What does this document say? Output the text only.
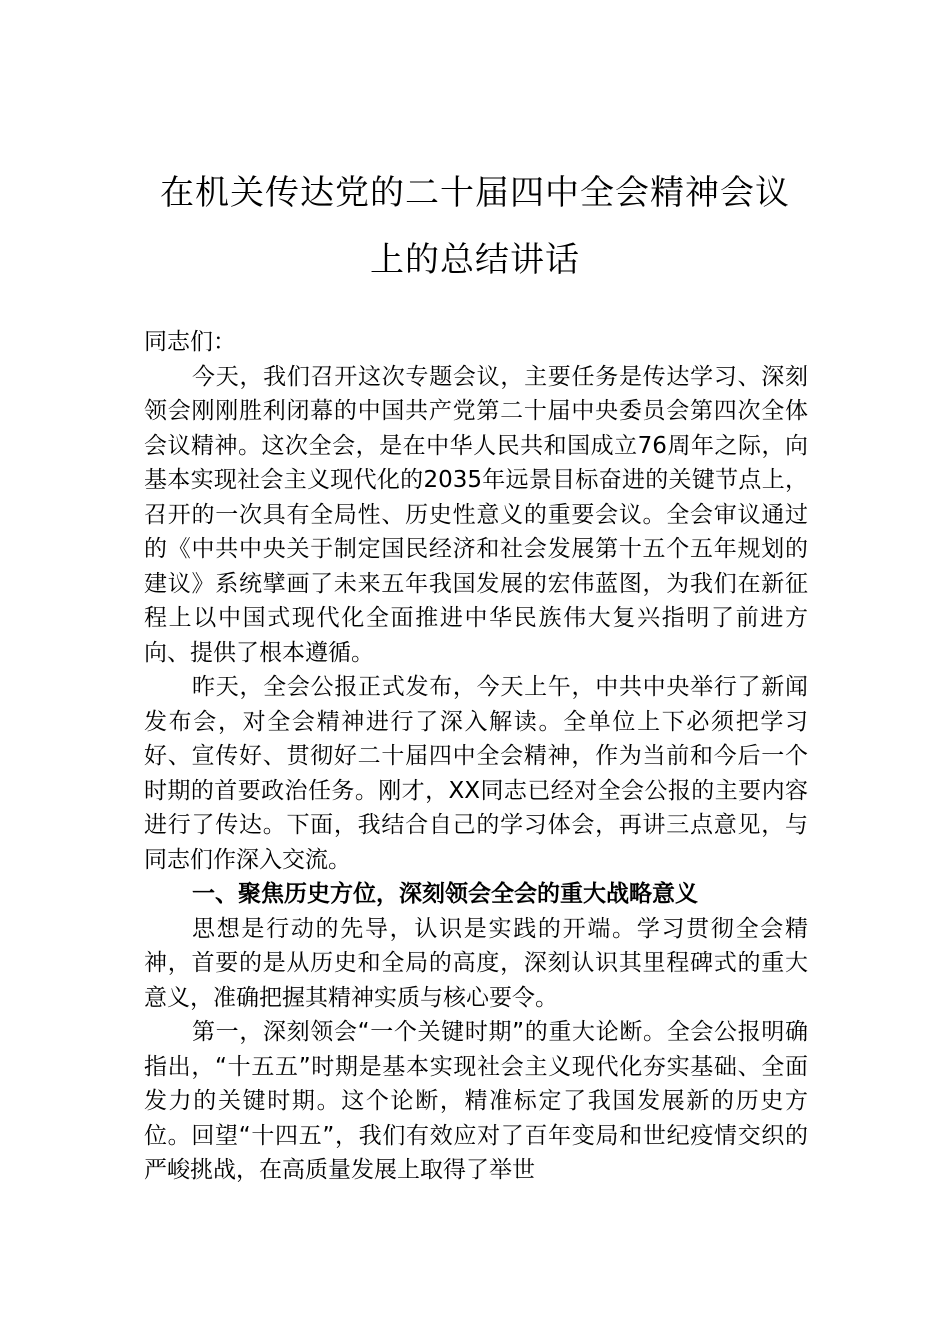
在机关传达党的二十届四中全会精神会议
上的总结讲话

同志们：

今天，我们召开这次专题会议，主要任务是传达学习、深刻领会刚刚胜利闭幕的中国共产党第二十届中央委员会第四次全体会议精神。这次全会，是在中华人民共和国成立76周年之际，向基本实现社会主义现代化的2035年远景目标奋进的关键节点上，召开的一次具有全局性、历史性意义的重要会议。全会审议通过的《中共中央关于制定国民经济和社会发展第十五个五年规划的建议》系统擘画了未来五年我国发展的宏伟蓝图，为我们在新征程上以中国式现代化全面推进中华民族伟大复兴指明了前进方向、提供了根本遵循。

昨天，全会公报正式发布，今天上午，中共中央举行了新闻发布会，对全会精神进行了深入解读。全单位上下必须把学习好、宣传好、贯彻好二十届四中全会精神，作为当前和今后一个时期的首要政治任务。刚才，XX同志已经对全会公报的主要内容进行了传达。下面，我结合自己的学习体会，再讲三点意见，与同志们作深入交流。

一、聚焦历史方位，深刻领会全会的重大战略意义

思想是行动的先导，认识是实践的开端。学习贯彻全会精神，首要的是从历史和全局的高度，深刻认识其里程碑式的重大意义，准确把握其精神实质与核心要令。

第一，深刻领会“一个关键时期”的重大论断。全会公报明确指出，“十五五”时期是基本实现社会主义现代化夯实基础、全面发力的关键时期。这个论断，精准标定了我国发展新的历史方位。回望“十四五”，我们有效应对了百年变局和世纪疫情交织的严峻挑战，在高质量发展上取得了举世
